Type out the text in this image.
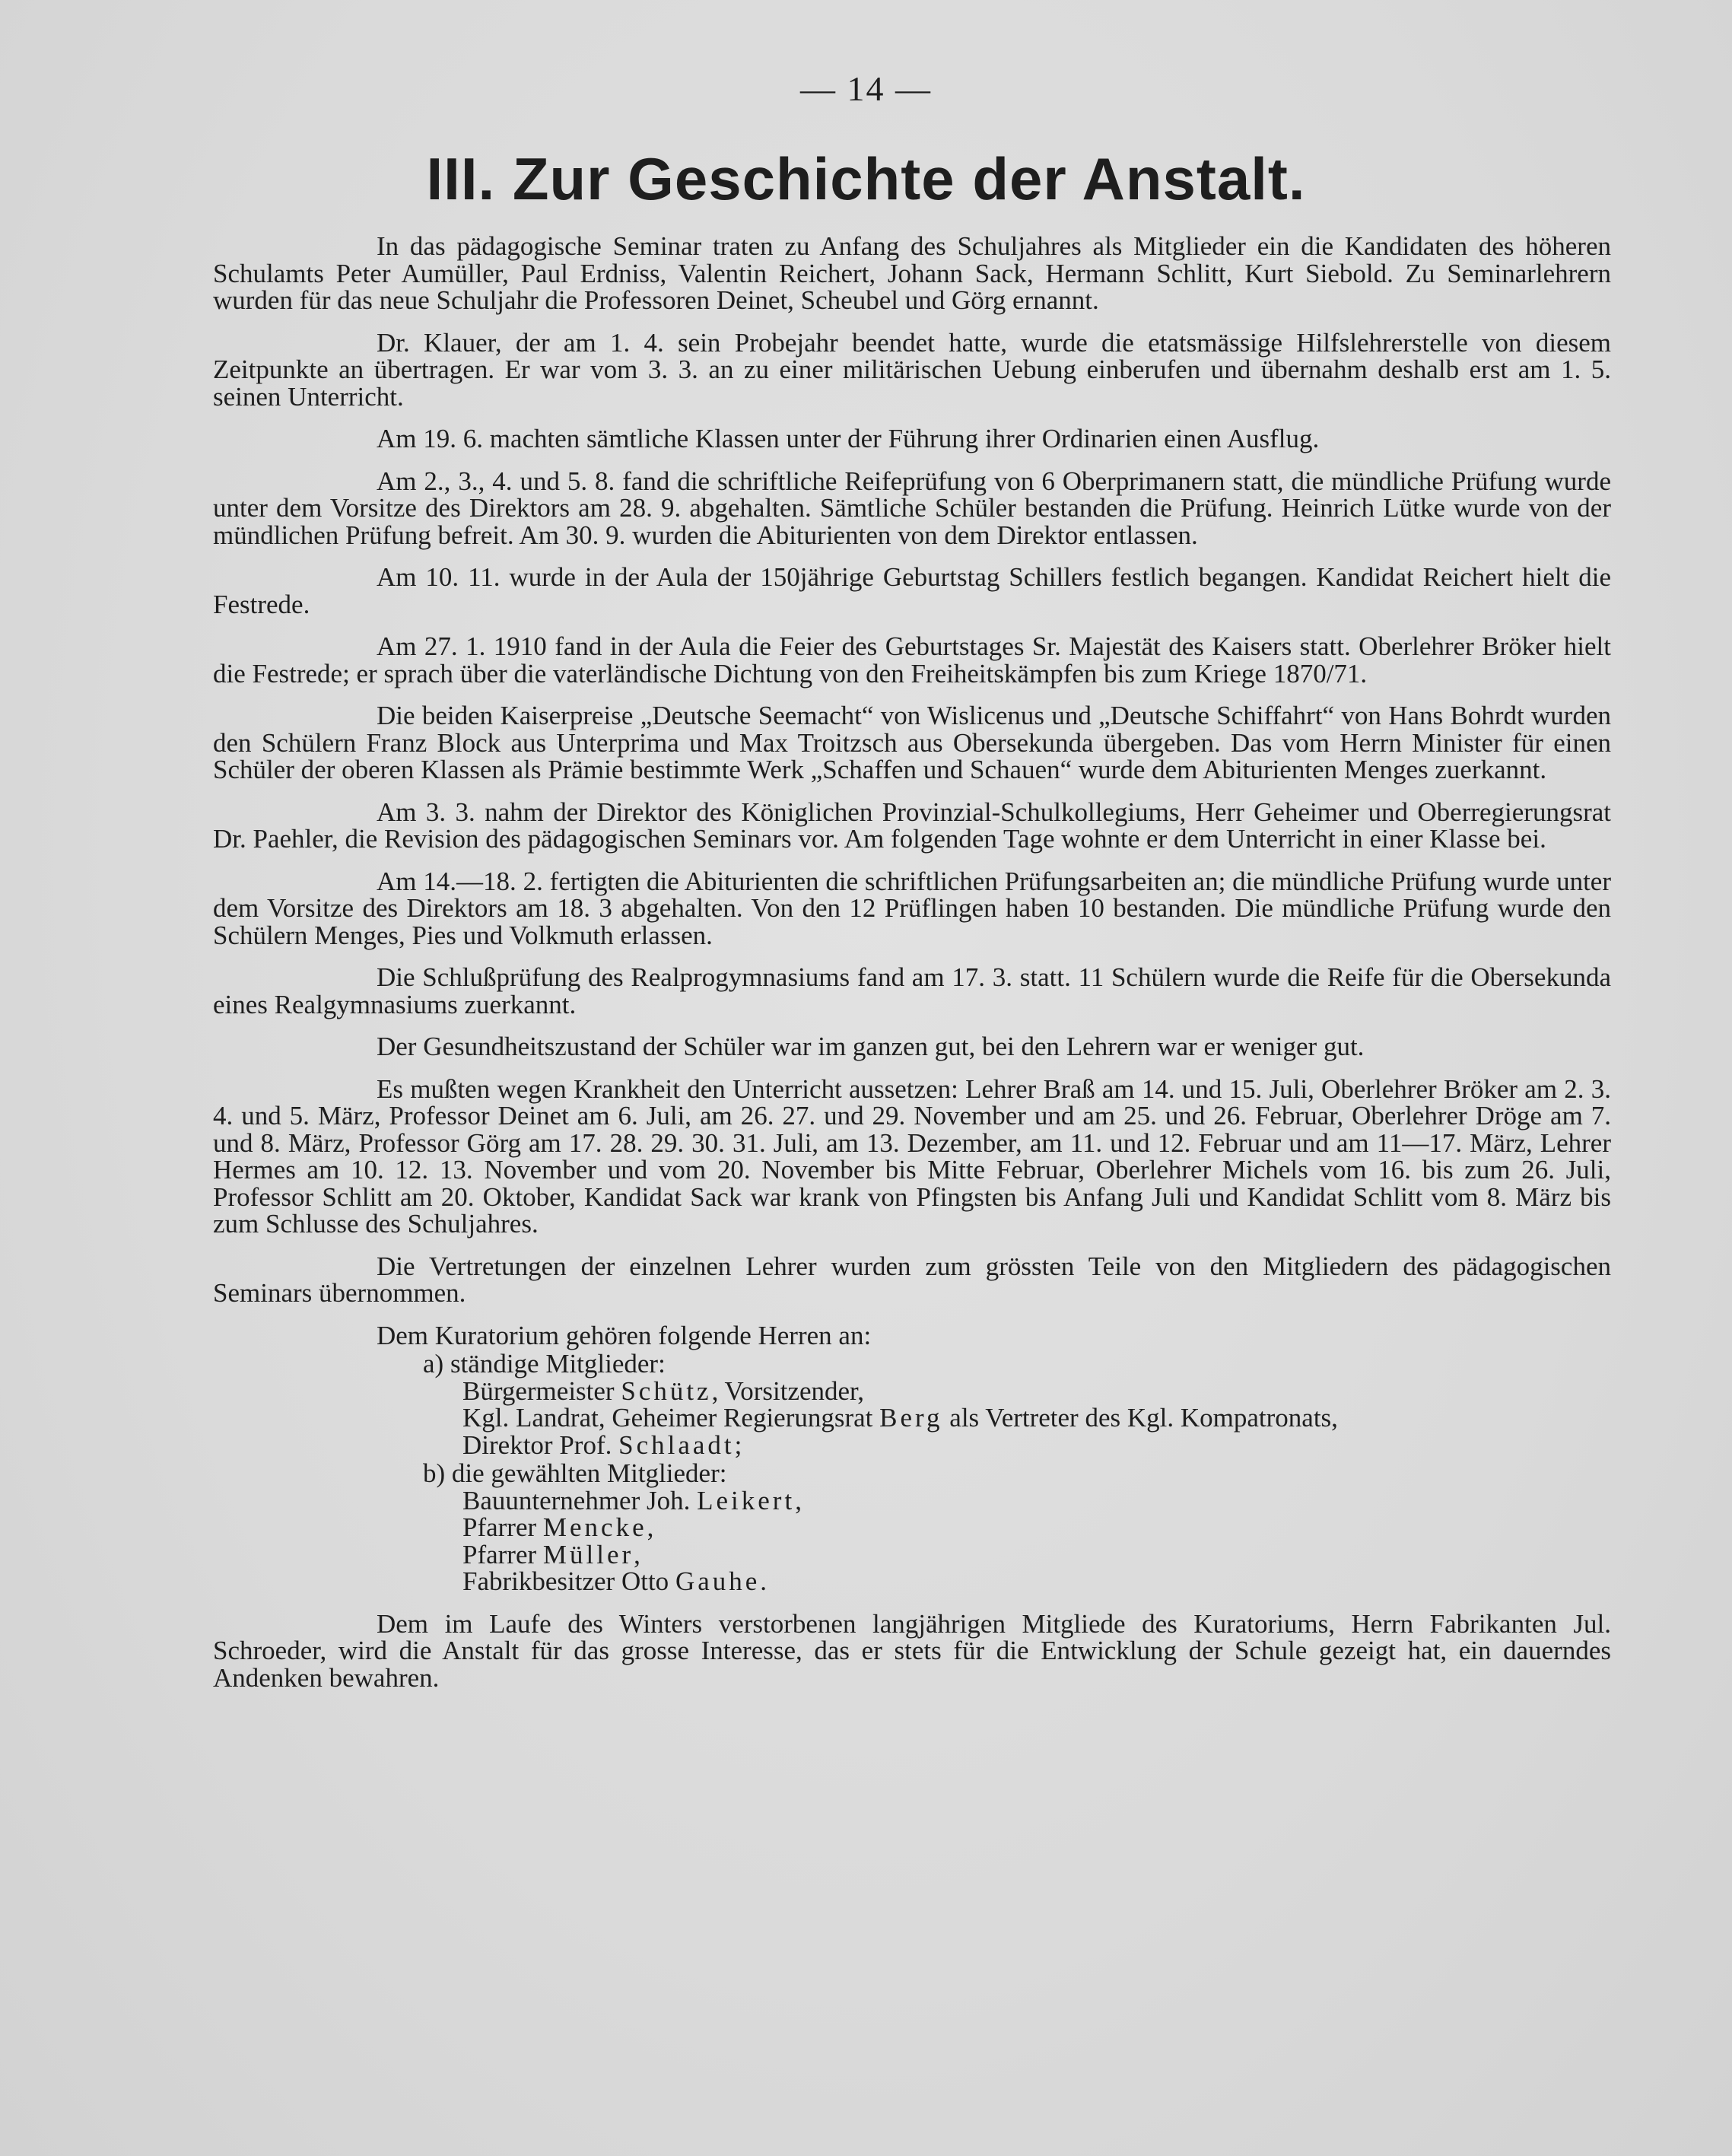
— 14 —
III. Zur Geschichte der Anstalt.

In das pädagogische Seminar traten zu Anfang des Schuljahres als Mitglieder ein die Kandidaten des höheren Schulamts Peter Aumüller, Paul Erdniss, Valentin Reichert, Johann Sack, Hermann Schlitt, Kurt Siebold. Zu Seminarlehrern wurden für das neue Schuljahr die Professoren Deinet, Scheubel und Görg ernannt.

Dr. Klauer, der am 1. 4. sein Probejahr beendet hatte, wurde die etatsmässige Hilfslehrerstelle von diesem Zeitpunkte an übertragen. Er war vom 3. 3. an zu einer militärischen Uebung einberufen und übernahm deshalb erst am 1. 5. seinen Unterricht.

Am 19. 6. machten sämtliche Klassen unter der Führung ihrer Ordinarien einen Ausflug.

Am 2., 3., 4. und 5. 8. fand die schriftliche Reifeprüfung von 6 Oberprimanern statt, die mündliche Prüfung wurde unter dem Vorsitze des Direktors am 28. 9. abgehalten. Sämtliche Schüler bestanden die Prüfung. Heinrich Lütke wurde von der mündlichen Prüfung befreit. Am 30. 9. wurden die Abiturienten von dem Direktor entlassen.

Am 10. 11. wurde in der Aula der 150jährige Geburtstag Schillers festlich begangen. Kandidat Reichert hielt die Festrede.

Am 27. 1. 1910 fand in der Aula die Feier des Geburtstages Sr. Majestät des Kaisers statt. Oberlehrer Bröker hielt die Festrede; er sprach über die vaterländische Dichtung von den Freiheitskämpfen bis zum Kriege 1870/71.

Die beiden Kaiserpreise „Deutsche Seemacht“ von Wislicenus und „Deutsche Schiffahrt“ von Hans Bohrdt wurden den Schülern Franz Block aus Unterprima und Max Troitzsch aus Obersekunda übergeben. Das vom Herrn Minister für einen Schüler der oberen Klassen als Prämie bestimmte Werk „Schaffen und Schauen“ wurde dem Abiturienten Menges zuerkannt.

Am 3. 3. nahm der Direktor des Königlichen Provinzial-Schulkollegiums, Herr Geheimer und Oberregierungsrat Dr. Paehler, die Revision des pädagogischen Seminars vor. Am folgenden Tage wohnte er dem Unterricht in einer Klasse bei.

Am 14.—18. 2. fertigten die Abiturienten die schriftlichen Prüfungsarbeiten an; die mündliche Prüfung wurde unter dem Vorsitze des Direktors am 18. 3 abgehalten. Von den 12 Prüflingen haben 10 bestanden. Die mündliche Prüfung wurde den Schülern Menges, Pies und Volkmuth erlassen.

Die Schlußprüfung des Realprogymnasiums fand am 17. 3. statt. 11 Schülern wurde die Reife für die Obersekunda eines Realgymnasiums zuerkannt.

Der Gesundheitszustand der Schüler war im ganzen gut, bei den Lehrern war er weniger gut.

Es mußten wegen Krankheit den Unterricht aussetzen: Lehrer Braß am 14. und 15. Juli, Oberlehrer Bröker am 2. 3. 4. und 5. März, Professor Deinet am 6. Juli, am 26. 27. und 29. November und am 25. und 26. Februar, Oberlehrer Dröge am 7. und 8. März, Professor Görg am 17. 28. 29. 30. 31. Juli, am 13. Dezember, am 11. und 12. Februar und am 11—17. März, Lehrer Hermes am 10. 12. 13. November und vom 20. November bis Mitte Februar, Oberlehrer Michels vom 16. bis zum 26. Juli, Professor Schlitt am 20. Oktober, Kandidat Sack war krank von Pfingsten bis Anfang Juli und Kandidat Schlitt vom 8. März bis zum Schlusse des Schuljahres.

Die Vertretungen der einzelnen Lehrer wurden zum grössten Teile von den Mitgliedern des pädagogischen Seminars übernommen.

Dem Kuratorium gehören folgende Herren an:
a) ständige Mitglieder:
Bürgermeister Schütz, Vorsitzender,
Kgl. Landrat, Geheimer Regierungsrat Berg als Vertreter des Kgl. Kompatronats,
Direktor Prof. Schlaadt;
b) die gewählten Mitglieder:
Bauunternehmer Joh. Leikert,
Pfarrer Mencke,
Pfarrer Müller,
Fabrikbesitzer Otto Gauhe.

Dem im Laufe des Winters verstorbenen langjährigen Mitgliede des Kuratoriums, Herrn Fabrikanten Jul. Schroeder, wird die Anstalt für das grosse Interesse, das er stets für die Entwicklung der Schule gezeigt hat, ein dauerndes Andenken bewahren.
